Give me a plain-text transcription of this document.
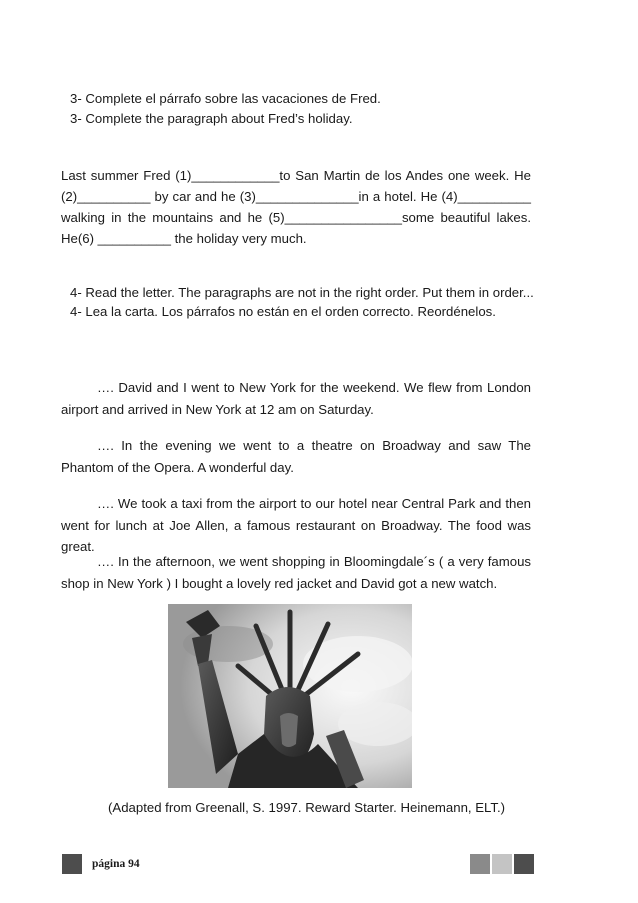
3- Complete el párrafo sobre las vacaciones de Fred.
3- Complete the paragraph about Fred’s holiday.
Last summer Fred (1)____________to San Martin de los Andes one week. He
(2)__________ by car and he (3)______________in a hotel. He (4)__________
walking in the mountains and he (5)________________some beautiful lakes.
He(6) __________ the holiday very much.
4- Read the letter. The paragraphs are not in the right order. Put them in order...
4- Lea la carta. Los párrafos no están en el orden correcto. Reordénelos.
…. David and I went to New York for the weekend. We flew from London airport and arrived in New York at 12 am on Saturday.
…. In the evening we went to a theatre on Broadway and saw The Phantom of the Opera. A wonderful day.
…. We took a taxi from the airport to our hotel near Central Park and then went for lunch at Joe Allen, a famous restaurant on Broadway. The food was great.
…. In the afternoon, we went shopping in Bloomingdale´s ( a very famous shop in New York ) I bought a lovely red jacket and David got a new watch.
(Adapted from Greenall, S. 1997. Reward Starter. Heinemann, ELT.)
página 94
